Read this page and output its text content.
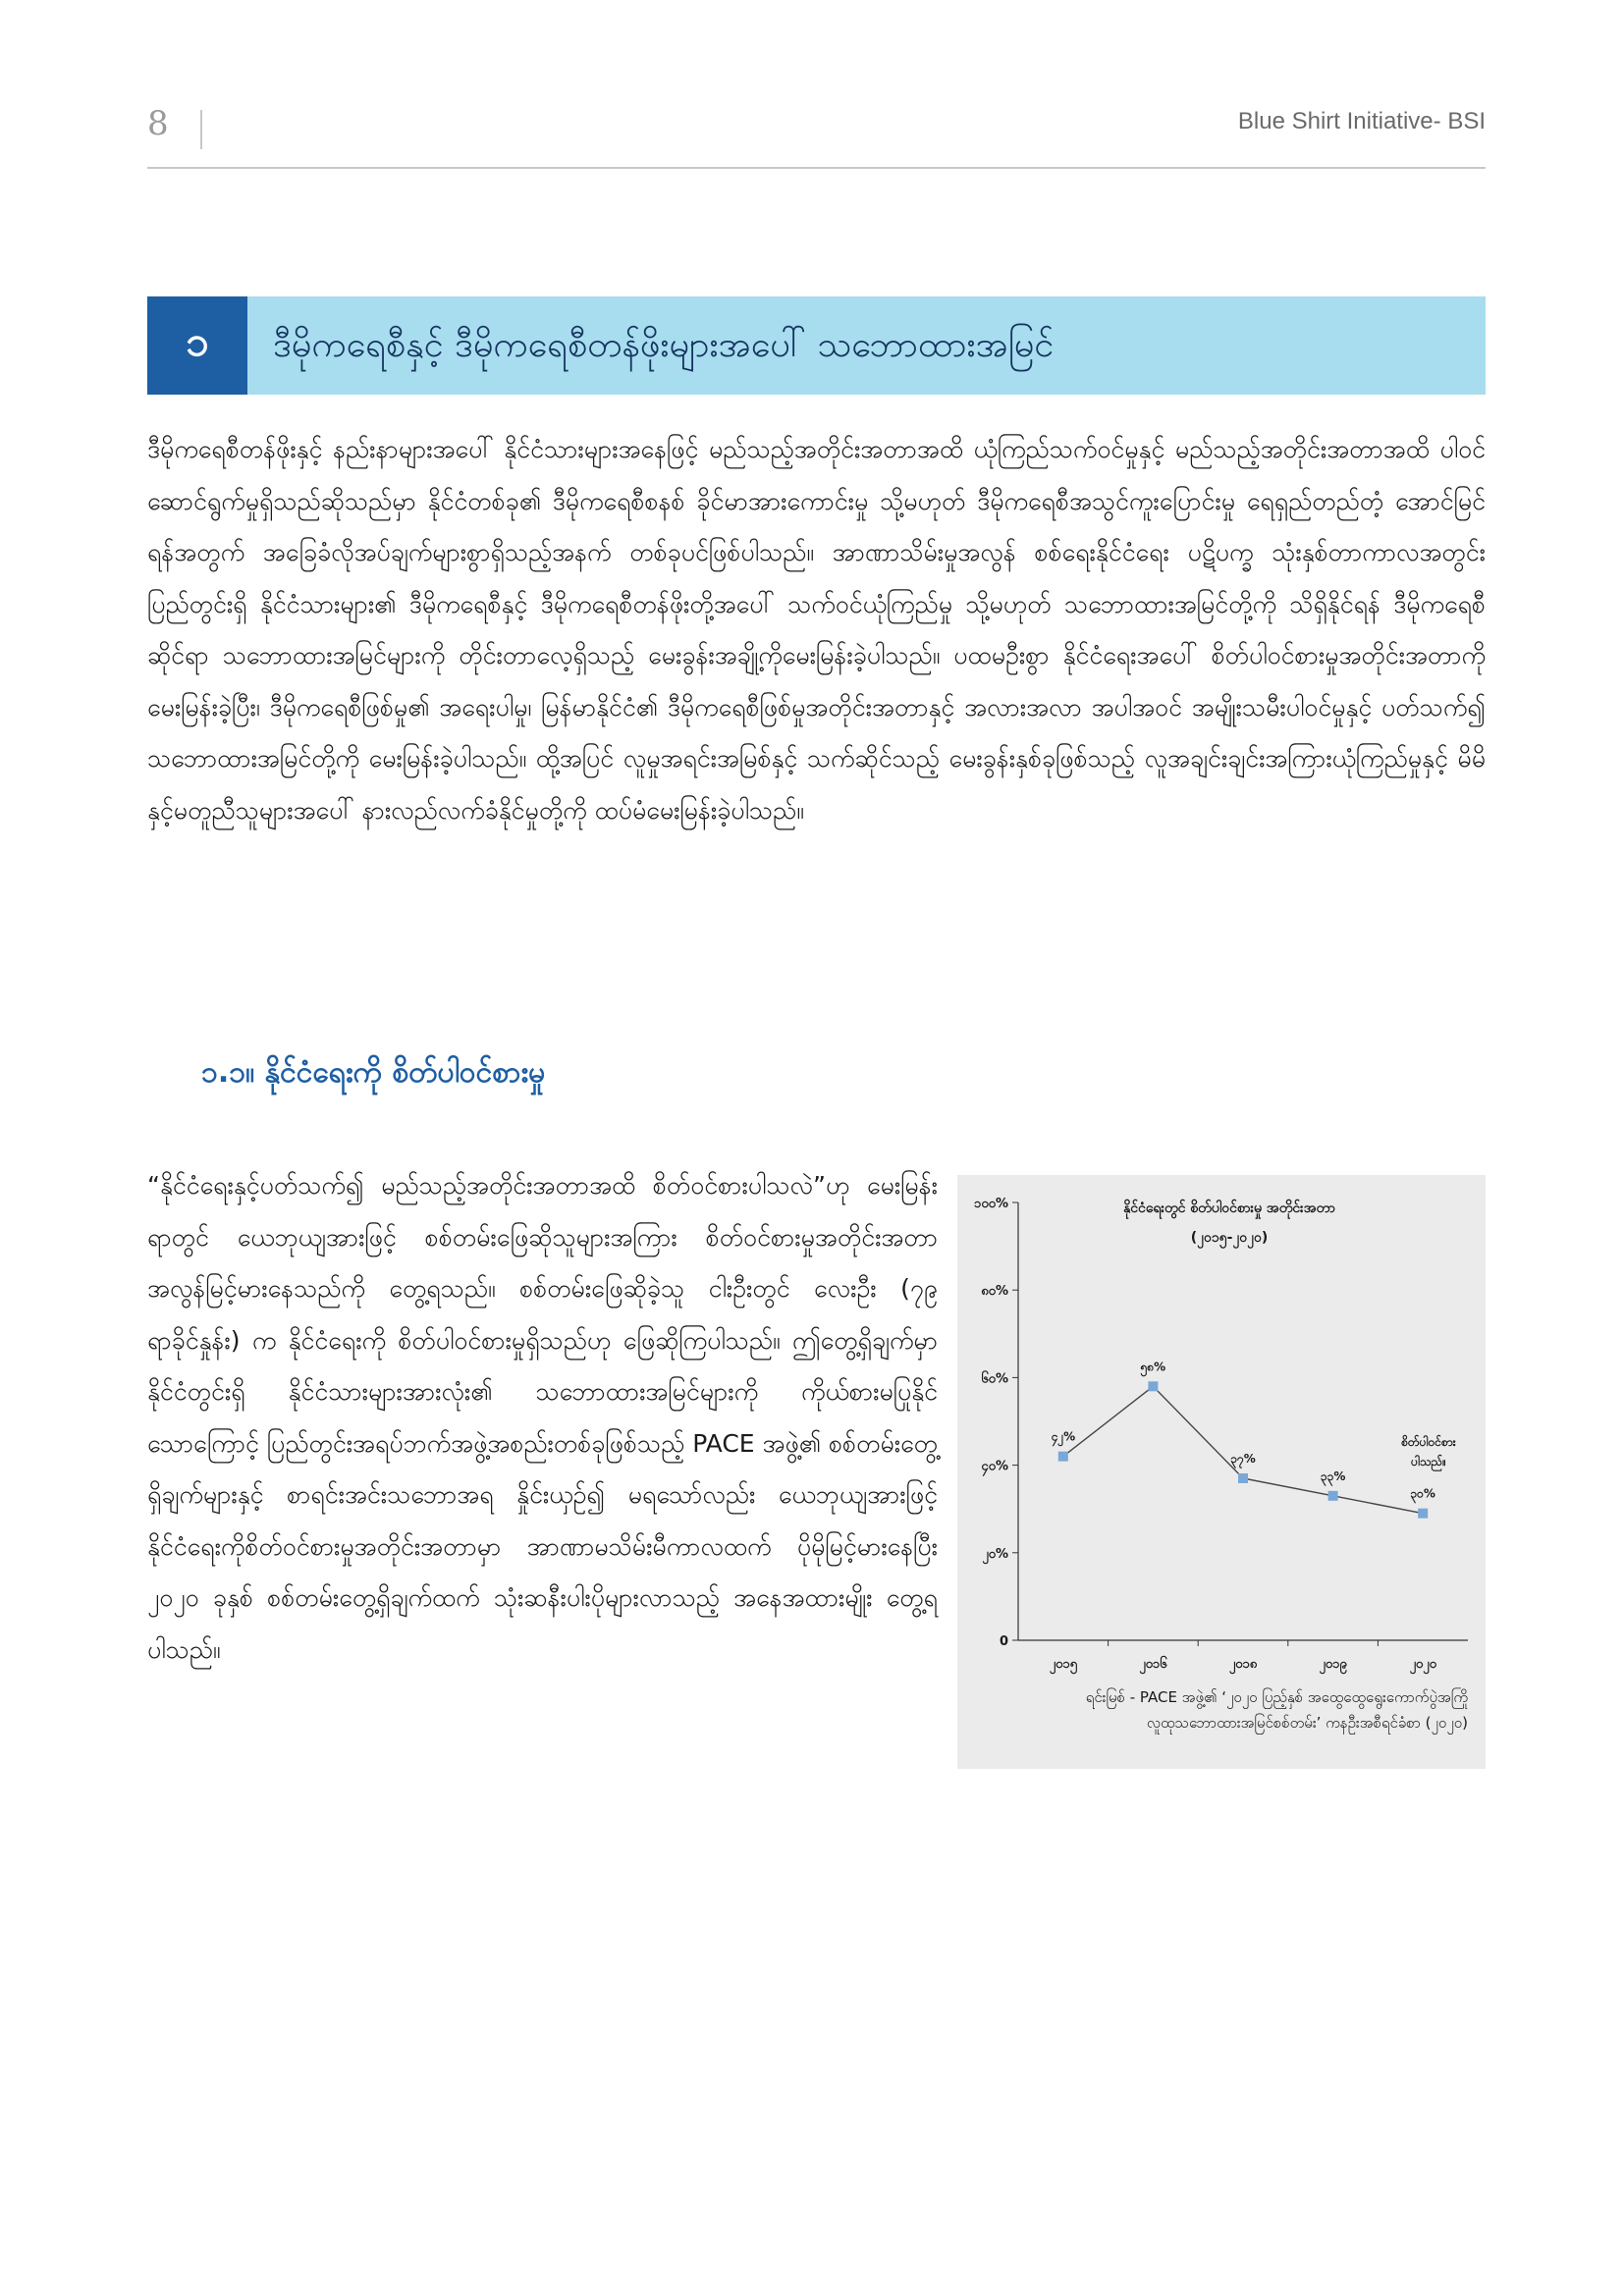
8	Blue Shirt Initiative- BSI
၁	ဒီမိုကရေစီနှင့် ဒီမိုကရေစီတန်ဖိုးများအပေါ် သဘောထားအမြင်

ဒီမိုကရေစီတန်ဖိုးနှင့် နည်းနာများအပေါ် နိုင်ငံသားများအနေဖြင့် မည်သည့်အတိုင်းအတာအထိ ယုံကြည်သက်ဝင်မှုနှင့် မည်သည့်အတိုင်းအတာအထိ ပါဝင်ဆောင်ရွက်မှုရှိသည်ဆိုသည်မှာ နိုင်ငံတစ်ခု၏ ဒီမိုကရေစီစနစ် ခိုင်မာအားကောင်းမှု သို့မဟုတ် ဒီမိုကရေစီအသွင်ကူးပြောင်းမှု ရေရှည်တည်တံ့ အောင်မြင်ရန်အတွက် အခြေခံလိုအပ်ချက်များစွာရှိသည့်အနက် တစ်ခုပင်ဖြစ်ပါသည်။ အာဏာသိမ်းမှုအလွန် စစ်ရေးနိုင်ငံရေး ပဋိပက္ခ သုံးနှစ်တာကာလအတွင်း ပြည်တွင်းရှိ နိုင်ငံသားများ၏ ဒီမိုကရေစီနှင့် ဒီမိုကရေစီတန်ဖိုးတို့အပေါ် သက်ဝင်ယုံကြည်မှု သို့မဟုတ် သဘောထားအမြင်တို့ကို သိရှိနိုင်ရန် ဒီမိုကရေစီဆိုင်ရာ သဘောထားအမြင်များကို တိုင်းတာလေ့ရှိသည့် မေးခွန်းအချို့ကိုမေးမြန်းခဲ့ပါသည်။ ပထမဦးစွာ နိုင်ငံရေးအပေါ် စိတ်ပါဝင်စားမှုအတိုင်းအတာကိုမေးမြန်းခဲ့ပြီး၊ ဒီမိုကရေစီဖြစ်မှု၏ အရေးပါမှု၊ မြန်မာနိုင်ငံ၏ ဒီမိုကရေစီဖြစ်မှုအတိုင်းအတာနှင့် အလားအလာ အပါအဝင် အမျိုးသမီးပါဝင်မှုနှင့် ပတ်သက်၍ သဘောထားအမြင်တို့ကို မေးမြန်းခဲ့ပါသည်။ ထို့အပြင် လူမှုအရင်းအမြစ်နှင့် သက်ဆိုင်သည့် မေးခွန်းနှစ်ခုဖြစ်သည့် လူအချင်းချင်းအကြားယုံကြည်မှုနှင့် မိမိနှင့်မတူညီသူများအပေါ် နားလည်လက်ခံနိုင်မှုတို့ကို ထပ်မံမေးမြန်းခဲ့ပါသည်။

၁.၁။ နိုင်ငံရေးကို စိတ်ပါဝင်စားမှု

“နိုင်ငံရေးနှင့်ပတ်သက်၍ မည်သည့်အတိုင်းအတာအထိ စိတ်ဝင်စားပါသလဲ”ဟု မေးမြန်းရာတွင် ယေဘုယျအားဖြင့် စစ်တမ်းဖြေဆိုသူများအကြား စိတ်ဝင်စားမှုအတိုင်းအတာ အလွန်မြင့်မားနေသည်ကို တွေ့ရသည်။ စစ်တမ်းဖြေဆိုခဲ့သူ ငါးဦးတွင် လေးဦး (၇၉ ရာခိုင်နှုန်း) က နိုင်ငံရေးကို စိတ်ပါဝင်စားမှုရှိသည်ဟု ဖြေဆိုကြပါသည်။ ဤတွေ့ရှိချက်မှာ နိုင်ငံတွင်းရှိ နိုင်ငံသားများအားလုံး၏ သဘောထားအမြင်များကို ကိုယ်စားမပြုနိုင်သောကြောင့် ပြည်တွင်းအရပ်ဘက်အဖွဲ့အစည်းတစ်ခုဖြစ်သည့် PACE အဖွဲ့၏ စစ်တမ်းတွေ့ရှိချက်များနှင့် စာရင်းအင်းသဘောအရ နှိုင်းယှဉ်၍ မရသော်လည်း ယေဘုယျအားဖြင့် နိုင်ငံရေးကိုစိတ်ဝင်စားမှုအတိုင်းအတာမှာ အာဏာမသိမ်းမီကာလထက် ပိုမိုမြင့်မားနေပြီး ၂၀၂၀ ခုနှစ် စစ်တမ်းတွေ့ရှိချက်ထက် သုံးဆနီးပါးပိုများလာသည့် အနေအထားမျိုး တွေ့ရပါသည်။

နိုင်ငံရေးတွင် စိတ်ပါဝင်စားမှု အတိုင်းအတာ
(၂၀၁၅-၂၀၂၀)
0
၂၀%
၄၀%
၆၀%
၈၀%
၁၀၀%
၂၀၁၅	၂၀၁၆	၂၀၁၈	၂၀၁၉	၂၀၂၀
၄၂%
၅၈%
၃၇%
၃၃%
၃၀%
စိတ်ပါဝင်စား
ပါသည်။
ရင်းမြစ် - PACE အဖွဲ့၏ ‘၂၀၂၀ ပြည့်နှစ် အထွေထွေရွေးကောက်ပွဲအကြို
လူထုသဘောထားအမြင်စစ်တမ်း’ ကနဦးအစီရင်ခံစာ (၂၀၂၀)
